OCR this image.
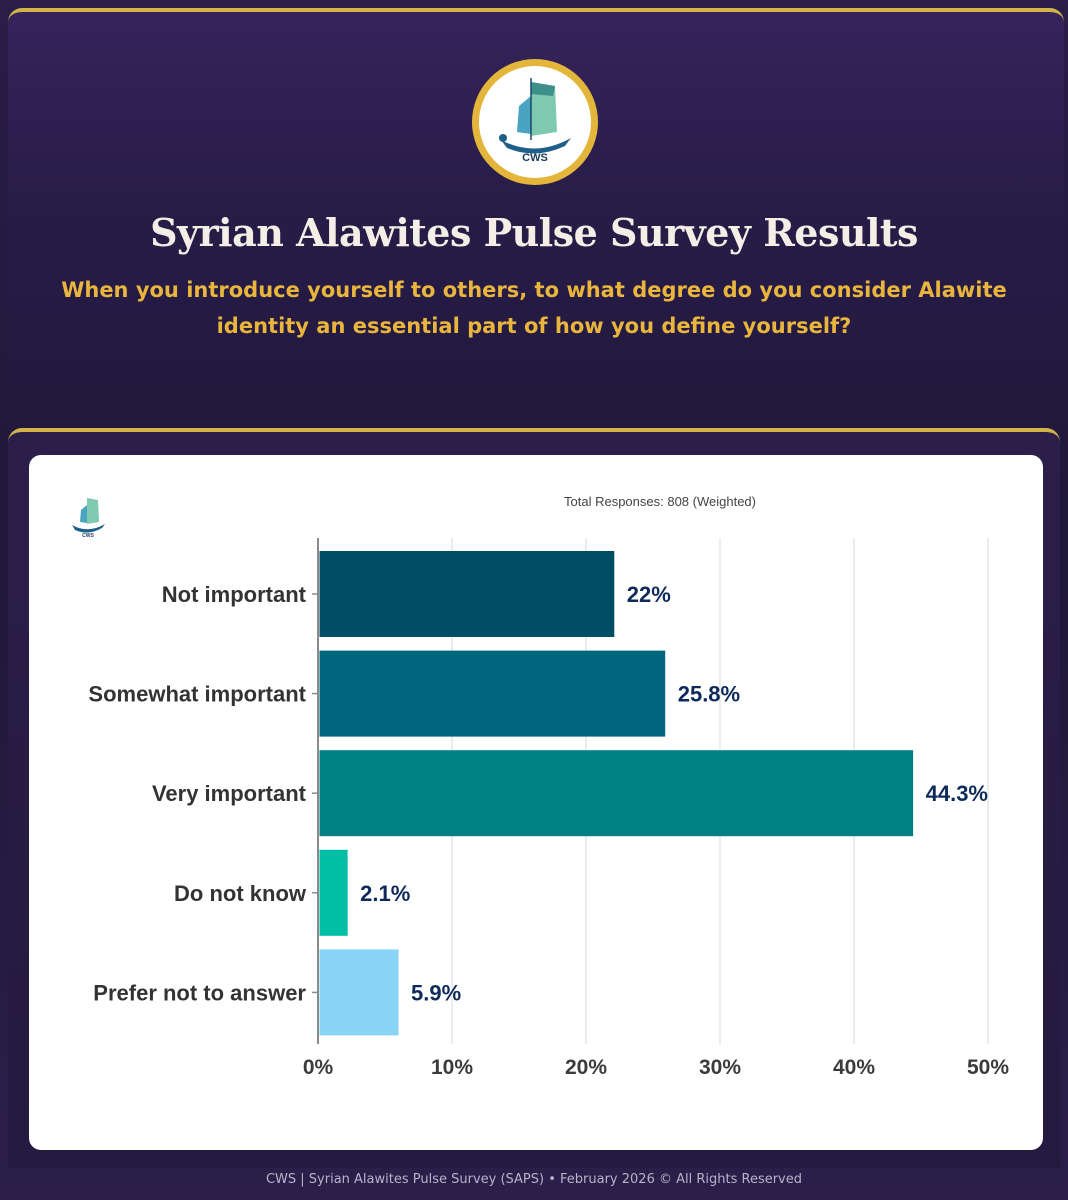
CWS
Syrian Alawites Pulse Survey Results
When you introduce yourself to others, to what degree do you consider Alawite identity an essential part of how you define yourself?
CWS
Total Responses: 808 (Weighted)
0%	10%	20%	30%	40%	50%
Not important	22%
Somewhat important	25.8%
Very important	44.3%
Do not know 2.1%
Prefer not to answer	5.9%
CWS | Syrian Alawites Pulse Survey (SAPS) • February 2026 © All Rights Reserved
